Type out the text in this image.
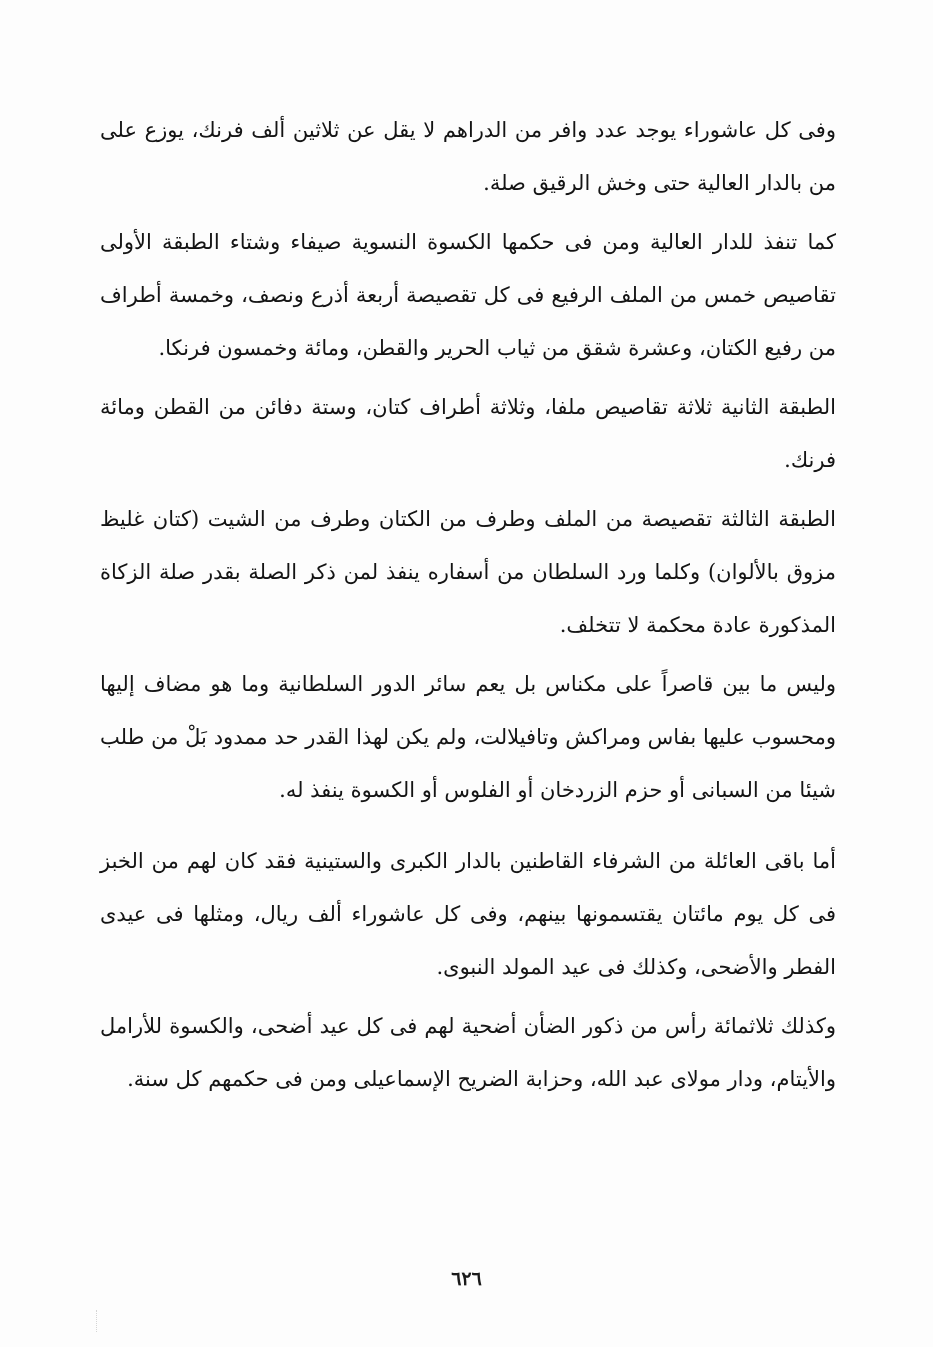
وفى كل عاشوراء يوجد عدد وافر من الدراهم لا يقل عن ثلاثين ألف فرنك، يوزع على من بالدار العالية حتى وخش الرقيق صلة.

كما تنفذ للدار العالية ومن فى حكمها الكسوة النسوية صيفاء وشتاء الطبقة الأولى تقاصيص خمس من الملف الرفيع فى كل تقصيصة أربعة أذرع ونصف، وخمسة أطراف من رفيع الكتان، وعشرة شقق من ثياب الحرير والقطن، ومائة وخمسون فرنكا.

الطبقة الثانية ثلاثة تقاصيص ملفا، وثلاثة أطراف كتان، وستة دفائن من القطن ومائة فرنك.

الطبقة الثالثة تقصيصة من الملف وطرف من الكتان وطرف من الشيت (كتان غليظ مزوق بالألوان) وكلما ورد السلطان من أسفاره ينفذ لمن ذكر الصلة بقدر صلة الزكاة المذكورة عادة محكمة لا تتخلف.

وليس ما بين قاصراً على مكناس بل يعم سائر الدور السلطانية وما هو مضاف إليها ومحسوب عليها بفاس ومراكش وتافيلالت، ولم يكن لهذا القدر حد ممدود بَلْ من طلب شيئا من السبانى أو حزم الزردخان أو الفلوس أو الكسوة ينفذ له.

أما باقى العائلة من الشرفاء القاطنين بالدار الكبرى والستينية فقد كان لهم من الخبز فى كل يوم مائتان يقتسمونها بينهم، وفى كل عاشوراء ألف ريال، ومثلها فى عيدى الفطر والأضحى، وكذلك فى عيد المولد النبوى.

وكذلك ثلاثمائة رأس من ذكور الضأن أضحية لهم فى كل عيد أضحى، والكسوة للأرامل والأيتام، ودار مولاى عبد الله، وحزابة الضريح الإسماعيلى ومن فى حكمهم كل سنة.

٦٢٦
